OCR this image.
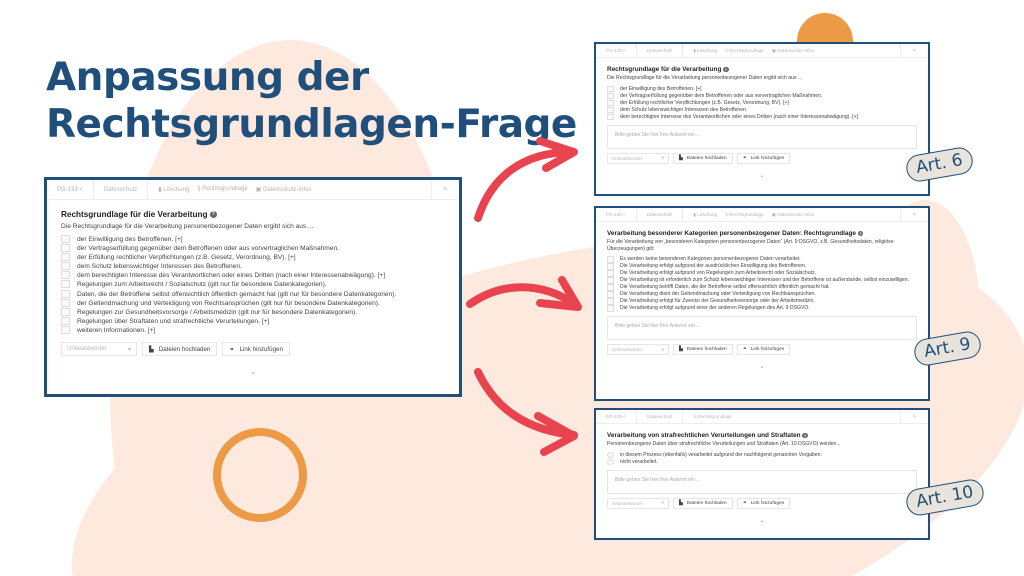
Anpassung der
Rechtsgrundlagen-Frage
PG-133
<	Datenschutz	▮ Löschung § Rechtsgrundlage ▣ Datenschutz-Infos	✎
Rechtsgrundlage für die Verarbeitung ?
Die Rechtsgrundlage für die Verarbeitung personenbezogener Daten ergibt sich aus ...
der Einwilligung des Betroffenen. [+]
der Vertragserfüllung gegenüber dem Betroffenen oder aus vorvertraglichen Maßnahmen.
der Erfüllung rechtlicher Verpflichtungen (z.B. Gesetz, Verordnung, BV). [+]
dem Schutz lebenswichtiger Interessen des Betroffenen.
dem berechtigten Interesse des Verantwortlichen oder eines Dritten (nach einer Interessenabwägung). [+]
Regelungen zum Arbeitsrecht / Sozialschutz (gilt nur für besondere Datenkategorien).
Daten, die der Betroffene selbst offensichtlich öffentlich gemacht hat (gilt nur für besondere Datenkategorien).
der Geltendmachung und Verteidigung von Rechtsansprüchen (gilt nur für besondere Datenkategorien).
Regelungen zur Gesundheitsvorsorge / Arbeitsmedizin (gilt nur für besondere Datenkategorien).
Regelungen über Straftaten und strafrechtliche Verurteilungen. [+]
weiteren Informationen. [+]
Unbeantwortet	▾	▙ Dateien hochladen	⚭ Link hinzufügen
⌄
PG-133
<	Datenschutz	▮ Löschung § Rechtsgrundlage ▣ Datenschutz-Infos	✎
Rechtsgrundlage für die Verarbeitung ?
Die Rechtsgrundlage für die Verarbeitung personenbezogener Daten ergibt sich aus ...
der Einwilligung des Betroffenen. [+]
der Vertragserfüllung gegenüber dem Betroffenen oder aus vorvertraglichen Maßnahmen.
der Erfüllung rechtlicher Verpflichtungen (z.B. Gesetz, Verordnung, BV). [+]
dem Schutz lebenswichtiger Interessen des Betroffenen.
dem berechtigten Interesse des Verantwortlichen oder eines Dritten (nach einer Interessenabwägung). [+]
Bitte geben Sie hier Ihre Antwort ein ...
Unbeantwortet	▾	▙ Dateien hochladen	⚭ Link hinzufügen
⌄
PG-134
<	Datenschutz	▮ Löschung § Rechtsgrundlage ▣ Datenschutz-Infos	✎
Verarbeitung besonderer Kategorien personenbezogener Daten: Rechtsgrundlage ?
Für die Verarbeitung von „besonderen Kategorien personenbezogener Daten“ (Art. 9 DSGVO, z.B. Gesundheitsdaten, religiöse Überzeugungen) gilt:
Es werden keine besonderen Kategorien personenbezogener Daten verarbeitet.
Die Verarbeitung erfolgt aufgrund der ausdrücklichen Einwilligung des Betroffenen.
Die Verarbeitung erfolgt aufgrund von Regelungen zum Arbeitsrecht oder Sozialschutz.
Die Verarbeitung ist erforderlich zum Schutz lebenswichtiger Interessen und der Betroffene ist außerstande, selbst einzuwilligen.
Die Verarbeitung betrifft Daten, die der Betroffene selbst offensichtlich öffentlich gemacht hat.
Die Verarbeitung dient der Geltendmachung oder Verteidigung von Rechtsansprüchen.
Die Verarbeitung erfolgt für Zwecke der Gesundheitsvorsorge oder der Arbeitsmedizin.
Die Verarbeitung erfolgt aufgrund einer der anderen Regelungen des Art. 9 DSGVO.
Bitte geben Sie hier Ihre Antwort ein ...
Unbeantwortet	▾	▙ Dateien hochladen	⚭ Link hinzufügen
⌄
PG-135
<	Datenschutz	§ Rechtsgrundlage	✎
Verarbeitung von strafrechtlichen Verurteilungen und Straftaten ?
Personenbezogene Daten über strafrechtliche Verurteilungen und Straftaten (Art. 10 DSGVO) werden...
in diesem Prozess (ebenfalls) verarbeitet aufgrund der nachfolgend genannten Vorgaben.
nicht verarbeitet.
Bitte geben Sie hier Ihre Antwort ein ...
Unbeantwortet	▾	▙ Dateien hochladen	⚭ Link hinzufügen
⌄
Art. 6
Art. 9
Art. 10
